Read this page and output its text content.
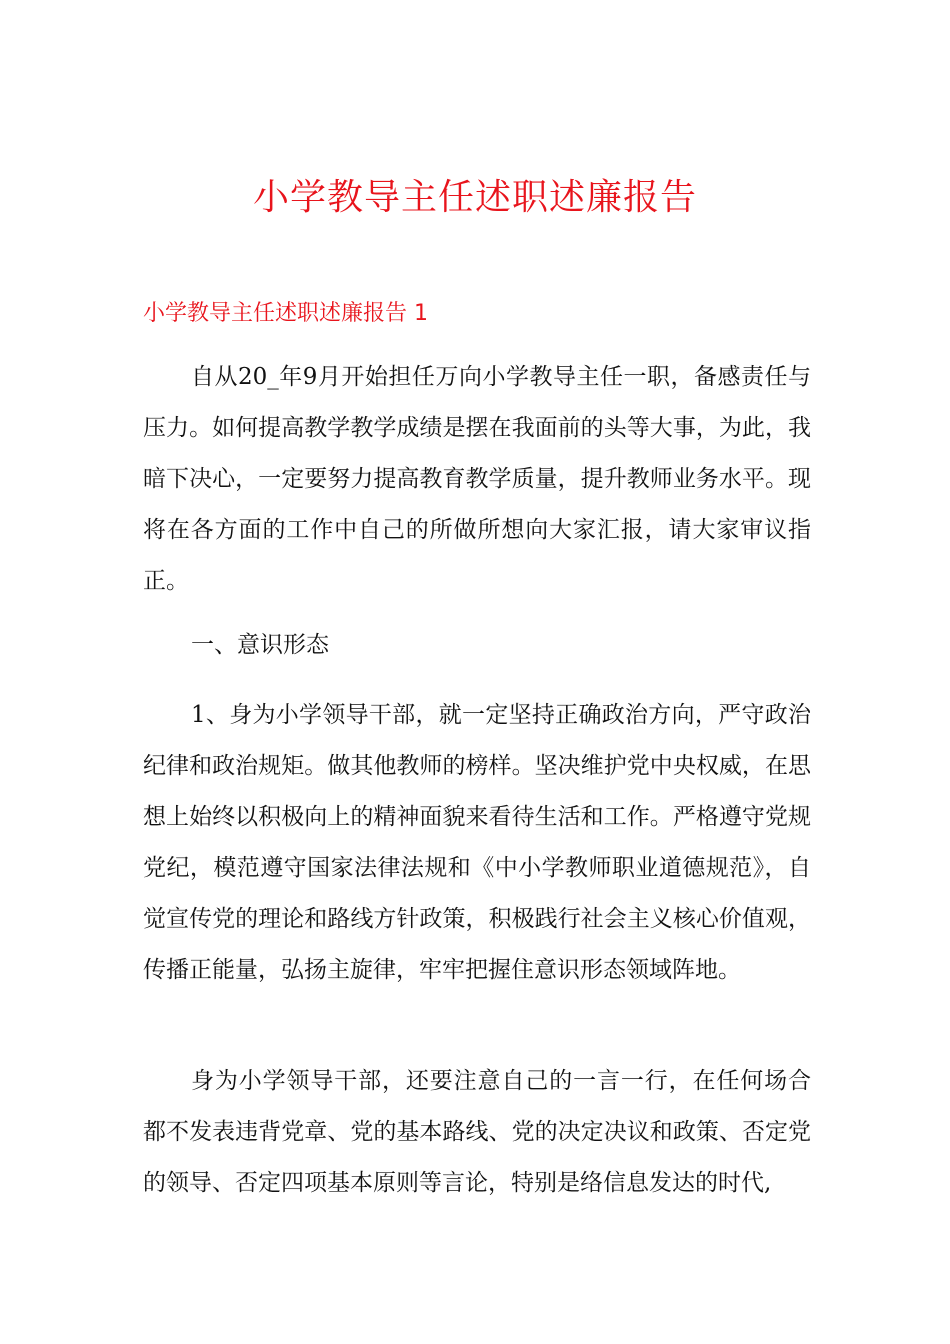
小学教导主任述职述廉报告
小学教导主任述职述廉报告 1

自从20_年9月开始担任万向小学教导主任一职，备感责任与压力。如何提高教学教学成绩是摆在我面前的头等大事，为此，我暗下决心，一定要努力提高教育教学质量，提升教师业务水平。现将在各方面的工作中自己的所做所想向大家汇报，请大家审议指正。

一、意识形态

1、身为小学领导干部，就一定坚持正确政治方向，严守政治纪律和政治规矩。做其他教师的榜样。坚决维护党中央权威，在思想上始终以积极向上的精神面貌来看待生活和工作。严格遵守党规党纪，模范遵守国家法律法规和《中小学教师职业道德规范》，自觉宣传党的理论和路线方针政策，积极践行社会主义核心价值观，传播正能量，弘扬主旋律，牢牢把握住意识形态领域阵地。

身为小学领导干部，还要注意自己的一言一行，在任何场合都不发表违背党章、党的基本路线、党的决定决议和政策、否定党的领导、否定四项基本原则等言论，特别是络信息发达的时代,
